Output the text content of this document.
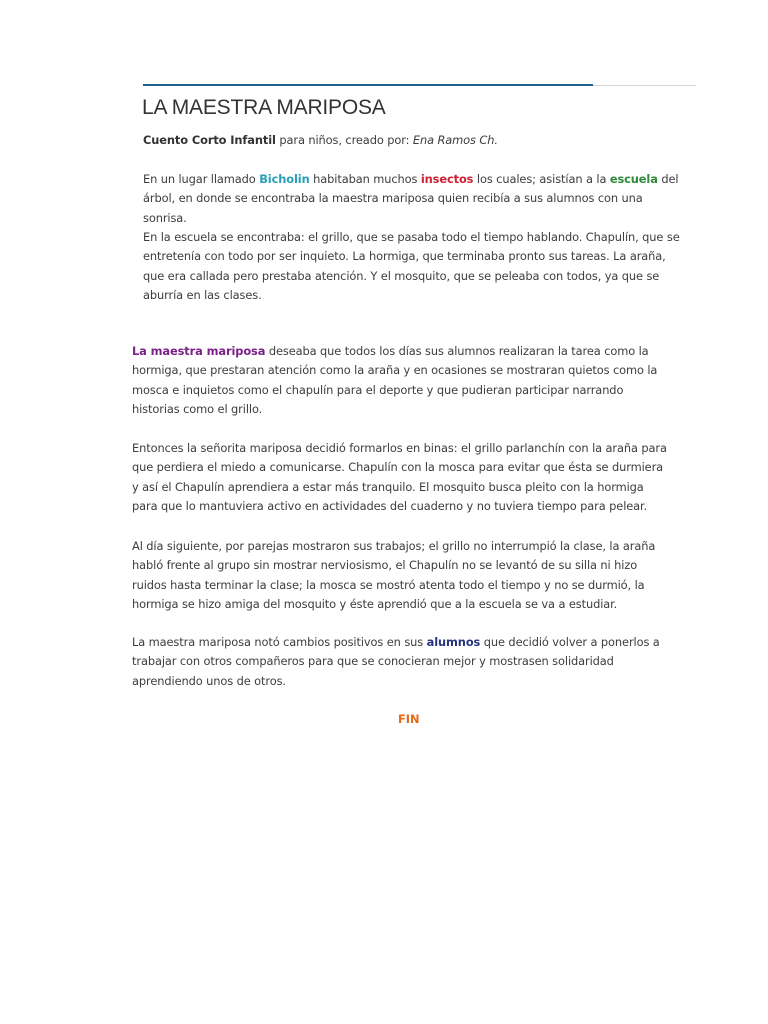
LA MAESTRA MARIPOSA

Cuento Corto Infantil para niños, creado por: Ena Ramos Ch.

En un lugar llamado Bicholin habitaban muchos insectos los cuales; asistían a la escuela del árbol, en donde se encontraba la maestra mariposa quien recibía a sus alumnos con una sonrisa.

En la escuela se encontraba: el grillo, que se pasaba todo el tiempo hablando. Chapulín, que se entretenía con todo por ser inquieto. La hormiga, que terminaba pronto sus tareas. La araña, que era callada pero prestaba atención. Y el mosquito, que se peleaba con todos, ya que se aburría en las clases.

La maestra mariposa deseaba que todos los días sus alumnos realizaran la tarea como la hormiga, que prestaran atención como la araña y en ocasiones se mostraran quietos como la mosca e inquietos como el chapulín para el deporte y que pudieran participar narrando historias como el grillo.

Entonces la señorita mariposa decidió formarlos en binas: el grillo parlanchín con la araña para que perdiera el miedo a comunicarse. Chapulín con la mosca para evitar que ésta se durmiera y así el Chapulín aprendiera a estar más tranquilo. El mosquito busca pleito con la hormiga para que lo mantuviera activo en actividades del cuaderno y no tuviera tiempo para pelear.

Al día siguiente, por parejas mostraron sus trabajos; el grillo no interrumpió la clase, la araña habló frente al grupo sin mostrar nerviosismo, el Chapulín no se levantó de su silla ni hizo ruidos hasta terminar la clase; la mosca se mostró atenta todo el tiempo y no se durmió, la hormiga se hizo amiga del mosquito y éste aprendió que a la escuela se va a estudiar.

La maestra mariposa notó cambios positivos en sus alumnos que decidió volver a ponerlos a trabajar con otros compañeros para que se conocieran mejor y mostrasen solidaridad aprendiendo unos de otros.

FIN
